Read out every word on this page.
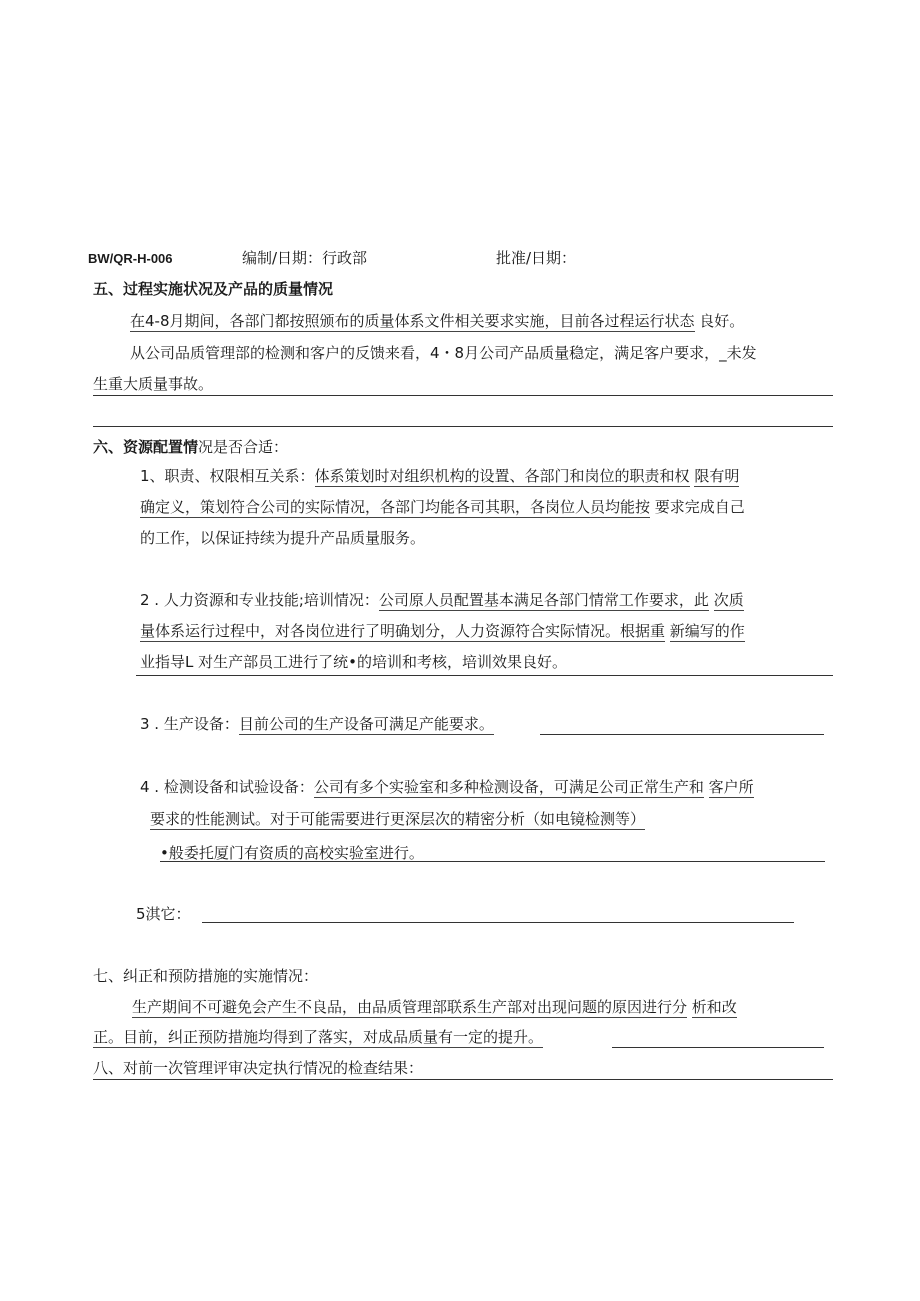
BW/QR-H-006	编制/日期：行政部	批准/日期：
五、过程实施状况及产品的质量情况
在4-8月期间，各部门都按照颁布的质量体系文件相关要求实施，目前各过程运行状态 良好。
从公司品质管理部的检测和客户的反馈来看，4・8月公司产品质量稳定，满足客户要求，_未发
生重大质量事故。
六、资源配置情况是否合适：
1、职责、权限相互关系：体系策划时对组织机构的设置、各部门和岗位的职责和权 限有明
确定义，策划符合公司的实际情况，各部门均能各司其职，各岗位人员均能按 要求完成自己
的工作，以保证持续为提升产品质量服务。
2 . 人力资源和专业技能;培训情况：公司原人员配置基本满足各部门情常工作要求，此 次质
量体系运行过程中，对各岗位进行了明确划分，人力资源符合实际情况。根据重 新编写的作
业指导L 对生产部员工进行了统•的培训和考核，培训效果良好。
3 . 生产设备：目前公司的生产设备可满足产能要求。
4 . 检测设备和试验设备：公司有多个实验室和多种检测设备，可满足公司正常生产和 客户所
要求的性能测试。对于可能需要进行更深层次的精密分析（如电镜检测等）
•般委托厦门有资质的高校实验室进行。
5淇它：
七、纠正和预防措施的实施情况：
生产期间不可避免会产生不良品，由品质管理部联系生产部对出现问题的原因进行分 析和改
正。目前，纠正预防措施均得到了落实，对成品质量有一定的提升。
八、对前一次管理评审决定执行情况的检查结果：
